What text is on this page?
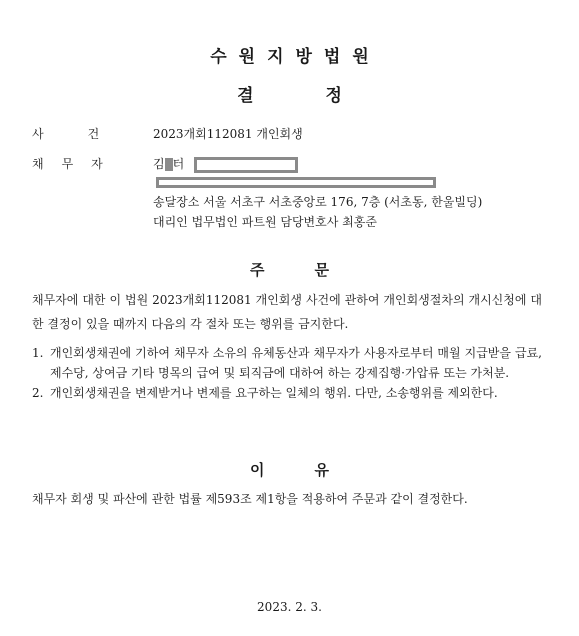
수원지방법원
결정
사건 2023개회112081 개인회생
채무자	김 터
송달장소 서울 서초구 서초중앙로 176, 7층 (서초동, 한울빌딩)
대리인 법무법인 파트원 담당변호사 최홍준
주문
채무자에 대한 이 법원 2023개회112081 개인회생 사건에 관하여 개인회생절차의 개시신청에 대한 결정이 있을 때까지 다음의 각 절차 또는 행위를 금지한다.
1. 개인회생채권에 기하여 채무자 소유의 유체동산과 채무자가 사용자로부터 매월 지급받을 급료, 제수당, 상여금 기타 명목의 급여 및 퇴직금에 대하여 하는 강제집행·가압류 또는 가처분.
2. 개인회생채권을 변제받거나 변제를 요구하는 일체의 행위. 다만, 소송행위를 제외한다.
이유
채무자 회생 및 파산에 관한 법률 제593조 제1항을 적용하여 주문과 같이 결정한다.
2023. 2. 3.
